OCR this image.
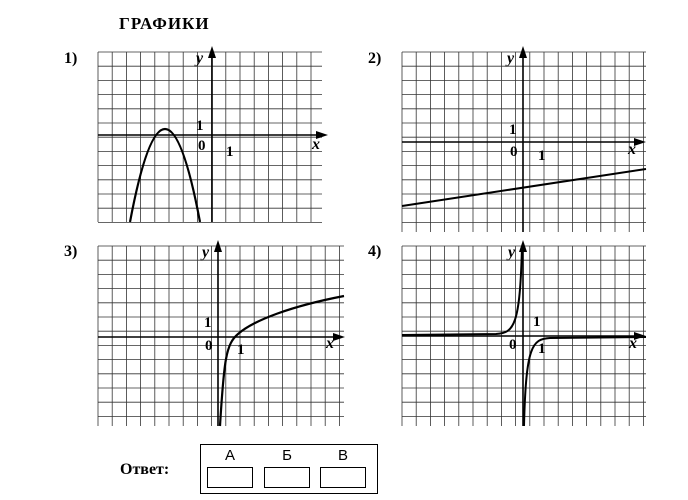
ГРАФИКИ
1)	2)
3)	4)
y
x
1
0 1
y
x
1
0 1
y
x
1
0 1
y
x
1
0 1
Ответ:
А	Б	В
